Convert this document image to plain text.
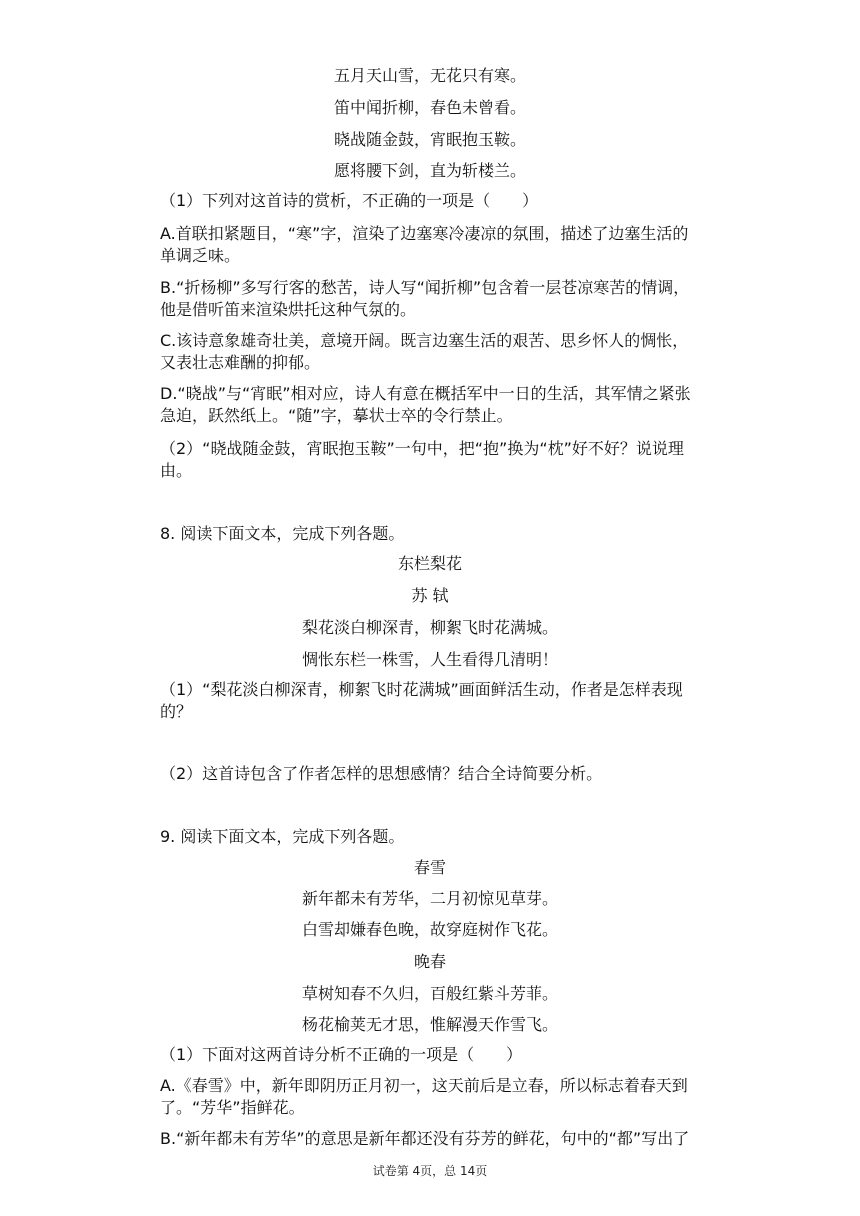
五月天山雪，无花只有寒。
笛中闻折柳，春色未曾看。
晓战随金鼓，宵眠抱玉鞍。
愿将腰下剑，直为斩楼兰。
（1）下列对这首诗的赏析，不正确的一项是（　　）
A.首联扣紧题目，“寒”字，渲染了边塞寒冷凄凉的氛围，描述了边塞生活的
单调乏味。
B.“折杨柳”多写行客的愁苦，诗人写“闻折柳”包含着一层苍凉寒苦的情调，
他是借听笛来渲染烘托这种气氛的。
C.该诗意象雄奇壮美，意境开阔。既言边塞生活的艰苦、思乡怀人的惆怅，
又表壮志难酬的抑郁。
D.“晓战”与“宵眠”相对应，诗人有意在概括军中一日的生活，其军情之紧张
急迫，跃然纸上。“随”字，摹状士卒的令行禁止。
（2）“晓战随金鼓，宵眠抱玉鞍”一句中，把“抱”换为“枕”好不好？说说理
由。
8. 阅读下面文本，完成下列各题。
东栏梨花
苏 轼
梨花淡白柳深青，柳絮飞时花满城。
惆怅东栏一株雪，人生看得几清明！
（1）“梨花淡白柳深青，柳絮飞时花满城”画面鲜活生动，作者是怎样表现
的？
（2）这首诗包含了作者怎样的思想感情？结合全诗简要分析。
9. 阅读下面文本，完成下列各题。
春雪
新年都未有芳华，二月初惊见草芽。
白雪却嫌春色晚，故穿庭树作飞花。
晚春
草树知春不久归，百般红紫斗芳菲。
杨花榆荚无才思，惟解漫天作雪飞。
（1）下面对这两首诗分析不正确的一项是（　　）
A.《春雪》中，新年即阴历正月初一，这天前后是立春，所以标志着春天到
了。“芳华”指鲜花。
B.“新年都未有芳华”的意思是新年都还没有芬芳的鲜花，句中的“都”写出了
试卷第 4页，总 14页
